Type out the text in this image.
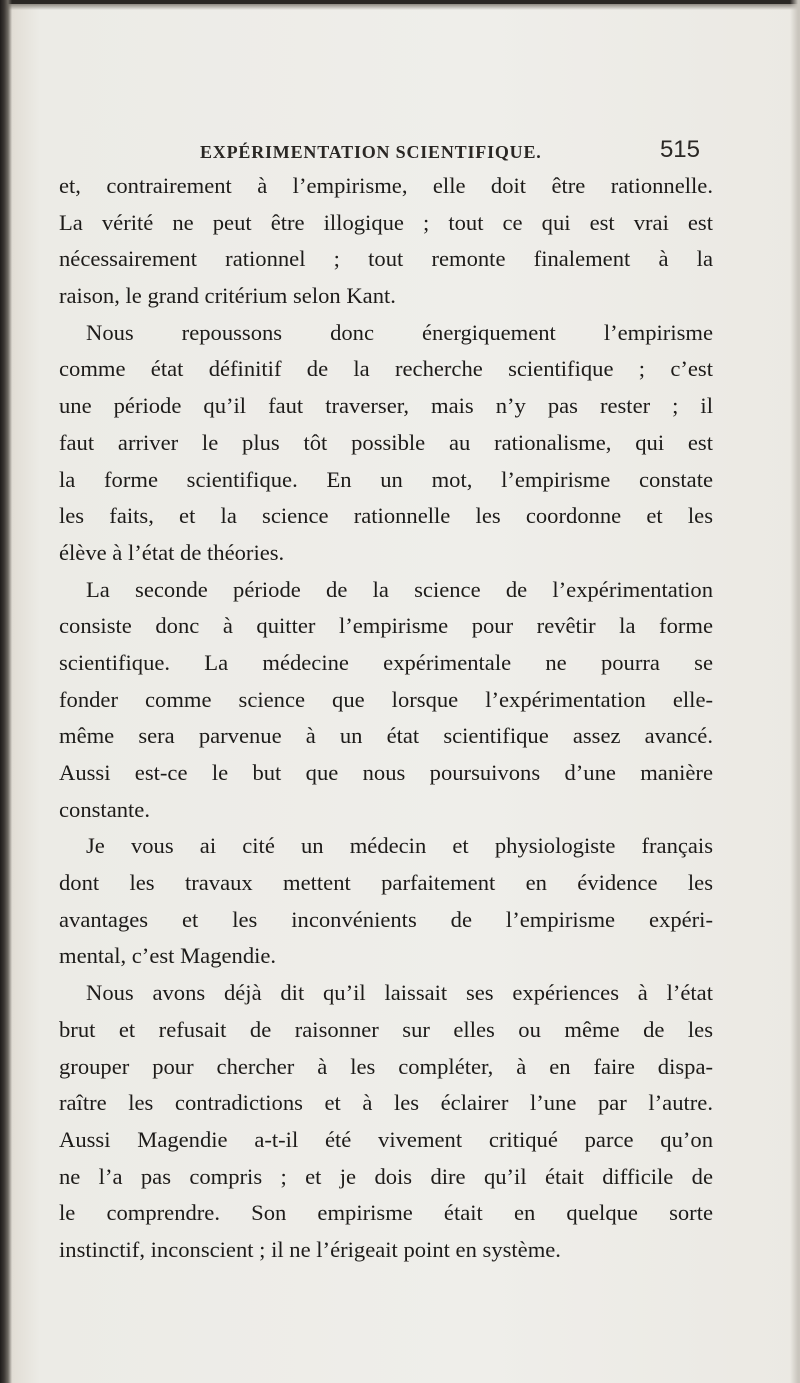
EXPÉRIMENTATION SCIENTIFIQUE.	515
et, contrairement à l’empirisme, elle doit être rationnelle.
La vérité ne peut être illogique ; tout ce qui est vrai est
nécessairement rationnel ; tout remonte finalement à la
raison, le grand critérium selon Kant.
Nous repoussons donc énergiquement l’empirisme
comme état définitif de la recherche scientifique ; c’est
une période qu’il faut traverser, mais n’y pas rester ; il
faut arriver le plus tôt possible au rationalisme, qui est
la forme scientifique. En un mot, l’empirisme constate
les faits, et la science rationnelle les coordonne et les
élève à l’état de théories.
La seconde période de la science de l’expérimentation
consiste donc à quitter l’empirisme pour revêtir la forme
scientifique. La médecine expérimentale ne pourra se
fonder comme science que lorsque l’expérimentation elle-
même sera parvenue à un état scientifique assez avancé.
Aussi est-ce le but que nous poursuivons d’une manière
constante.
Je vous ai cité un médecin et physiologiste français
dont les travaux mettent parfaitement en évidence les
avantages et les inconvénients de l’empirisme expéri-
mental, c’est Magendie.
Nous avons déjà dit qu’il laissait ses expériences à l’état
brut et refusait de raisonner sur elles ou même de les
grouper pour chercher à les compléter, à en faire dispa-
raître les contradictions et à les éclairer l’une par l’autre.
Aussi Magendie a-t-il été vivement critiqué parce qu’on
ne l’a pas compris ; et je dois dire qu’il était difficile de
le comprendre. Son empirisme était en quelque sorte
instinctif, inconscient ; il ne l’érigeait point en système.
